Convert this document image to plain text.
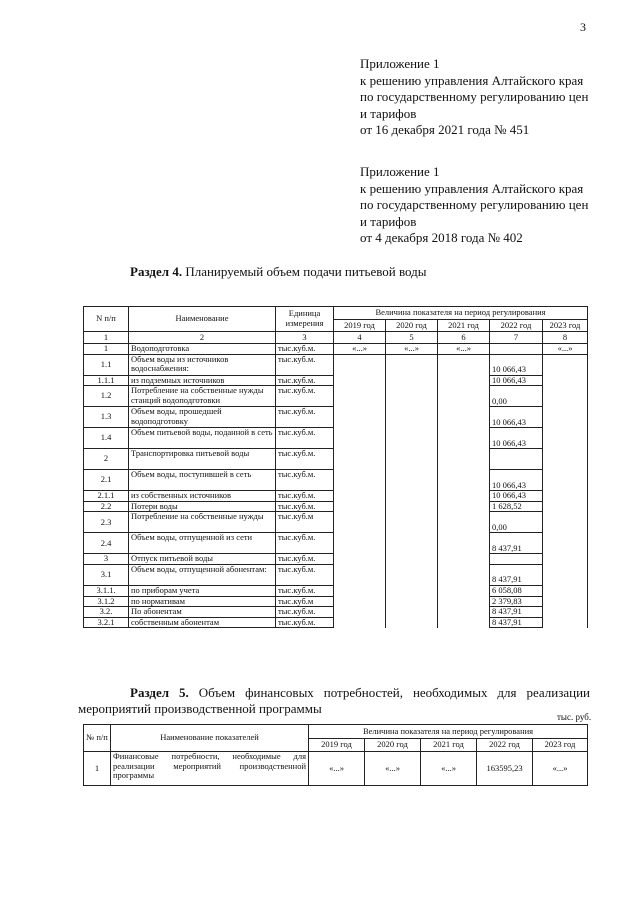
3
Приложение 1
к решению управления Алтайского края
по государственному регулированию цен
и тарифов
от 16 декабря 2021 года № 451
Приложение 1
к решению управления Алтайского края
по государственному регулированию цен
и тарифов
от 4 декабря 2018 года № 402
Раздел 4. Планируемый объем подачи питьевой воды
N п/п	Наименование	Единица измерения	Величина показателя на период регулирования				
			2019 год	2020 год	2021 год	2022 год	2023 год
1	2	3	4	5	6	7	8
1	Водоподготовка	тыс.куб.м.	«...»	«...»	«...»		«...»
1.1	Объем воды из источников водоснабжения:	тыс.куб.м.				10 066,43	
1.1.1	из подземных источников	тыс.куб.м.				10 066,43	
1.2	Потребление на собственные нужды станций водоподготовки	тыс.куб.м.				0,00	
1.3	Объем воды, прошедшей водоподготовку	тыс.куб.м.				10 066,43	
1.4	Объем питьевой воды, поданной в сеть	тыс.куб.м.				10 066,43	
2	Транспортировка питьевой воды	тыс.куб.м.					
2.1	Объем воды, поступившей в сеть	тыс.куб.м.				10 066,43	
2.1.1	из собственных источников	тыс.куб.м.				10 066,43	
2.2	Потери воды	тыс.куб.м.				1 628,52	
2.3	Потребление на собственные нужды	тыс.куб.м				0,00	
2.4	Объем воды, отпущенной из сети	тыс.куб.м.				8 437,91	
3	Отпуск питьевой воды	тыс.куб.м.					
3.1	Объем воды, отпущенной абонентам:	тыс.куб.м.				8 437,91	
3.1.1.	по приборам учета	тыс.куб.м.				6 058,08	
3.1.2	по нормативам	тыс.куб.м				2 379,83	
3.2.	По абонентам	тыс.куб.м.				8 437,91	
3.2.1	собственным абонентам	тыс.куб.м.				8 437,91	
Раздел 5. Объем финансовых потребностей, необходимых для реализации мероприятий производственной программы
тыс. руб.
№ п/п	Наименование показателей	Величина показателя на период регулирования				
		2019 год	2020 год	2021 год	2022 год	2023 год
1	Финансовые потребности, необходимые для реализации мероприятий производственной программы	«...»	«...»	«...»	163595,23	«...»
